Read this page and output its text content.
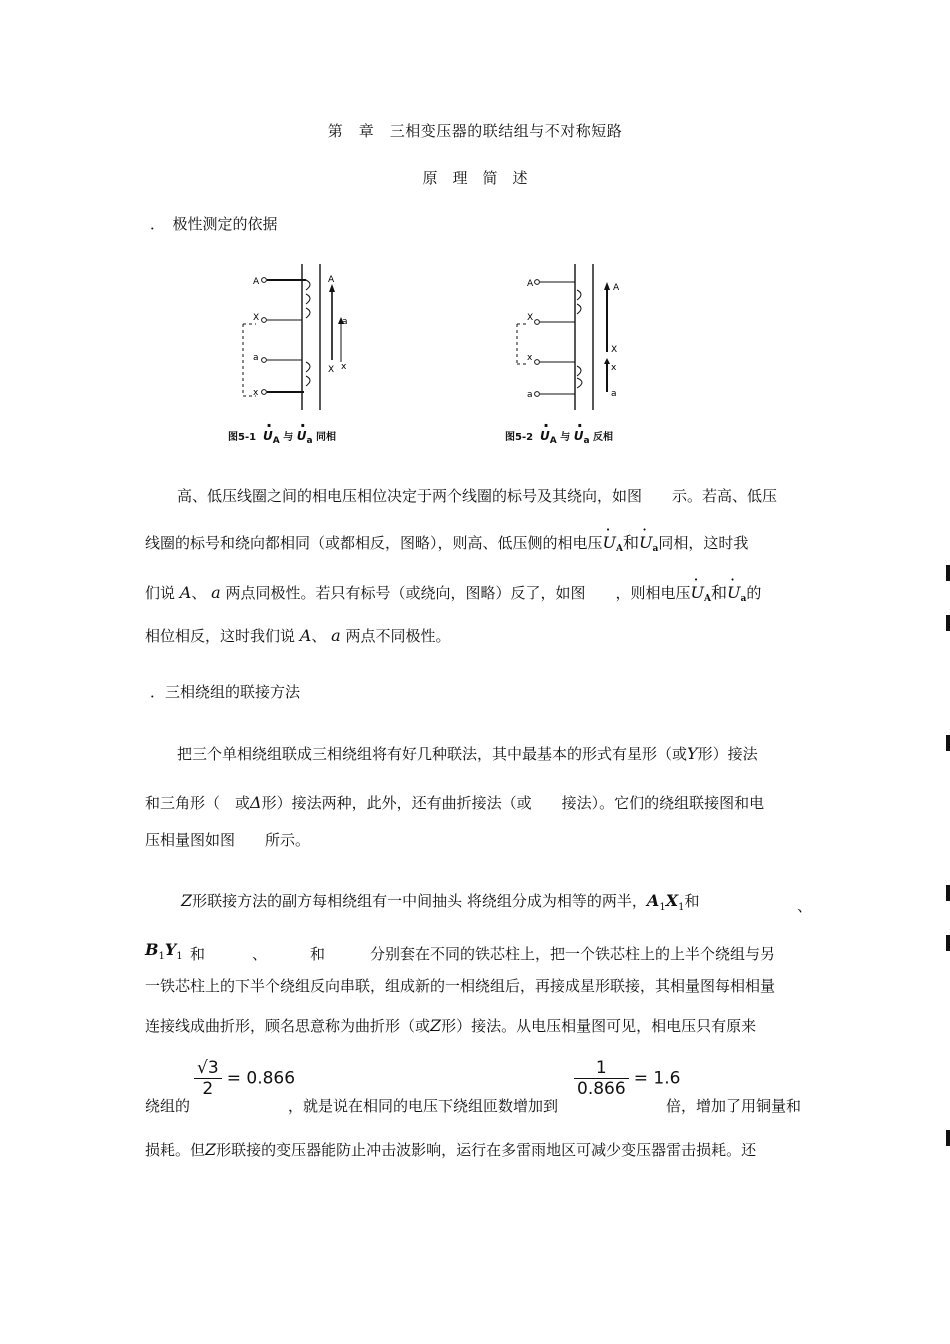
第　章　三相变压器的联结组与不对称短路
原　理　简　述
．　极性测定的依据
A
X
a
x
A
a
X x
图5-1 · UA 与 · Ua 同相
A
X
x
a
A
X
x
a
图5-2 · UA 与 · Ua 反相
高、低压线圈之间的相电压相位决定于两个线圈的标号及其绕向，如图　　示。若高、低压
线圈的标号和绕向都相同（或都相反，图略），则高、低压侧的相电压· $U_A$和· $U_a$同相，这时我
们说 A、 a 两点同极性。若只有标号（或绕向，图略）反了，如图　　，则相电压· $U_A$和· $U_a$的
相位相反，这时我们说 A、 a 两点不同极性。
．三相绕组的联接方法
把三个单相绕组联成三相绕组将有好几种联法，其中最基本的形式有星形（或Y形）接法
和三角形（　或Δ形）接法两种，此外，还有曲折接法（或　　接法）。它们的绕组联接图和电
压相量图如图　　所示。
Z形联接方法的副方每相绕组有一中间抽头 将绕组分成为相等的两半，$A_1X_1$和	、
$B_1Y_1$ 和	、	和	分别套在不同的铁芯柱上，把一个铁芯柱上的上半个绕组与另
一铁芯柱上的下半个绕组反向串联，组成新的一相绕组后，再接成星形联接，其相量图每相相量
连接线成曲折形，顾名思意称为曲折形（或Z形）接法。从电压相量图可见，相电压只有原来
绕组的
$\frac{√3}{2} = 0.866$
，就是说在相同的电压下绕组匝数增加到
$\frac{1}{0.866} = 1.6$
倍，增加了用铜量和
损耗。但Z形联接的变压器能防止冲击波影响，运行在多雷雨地区可减少变压器雷击损耗。还
